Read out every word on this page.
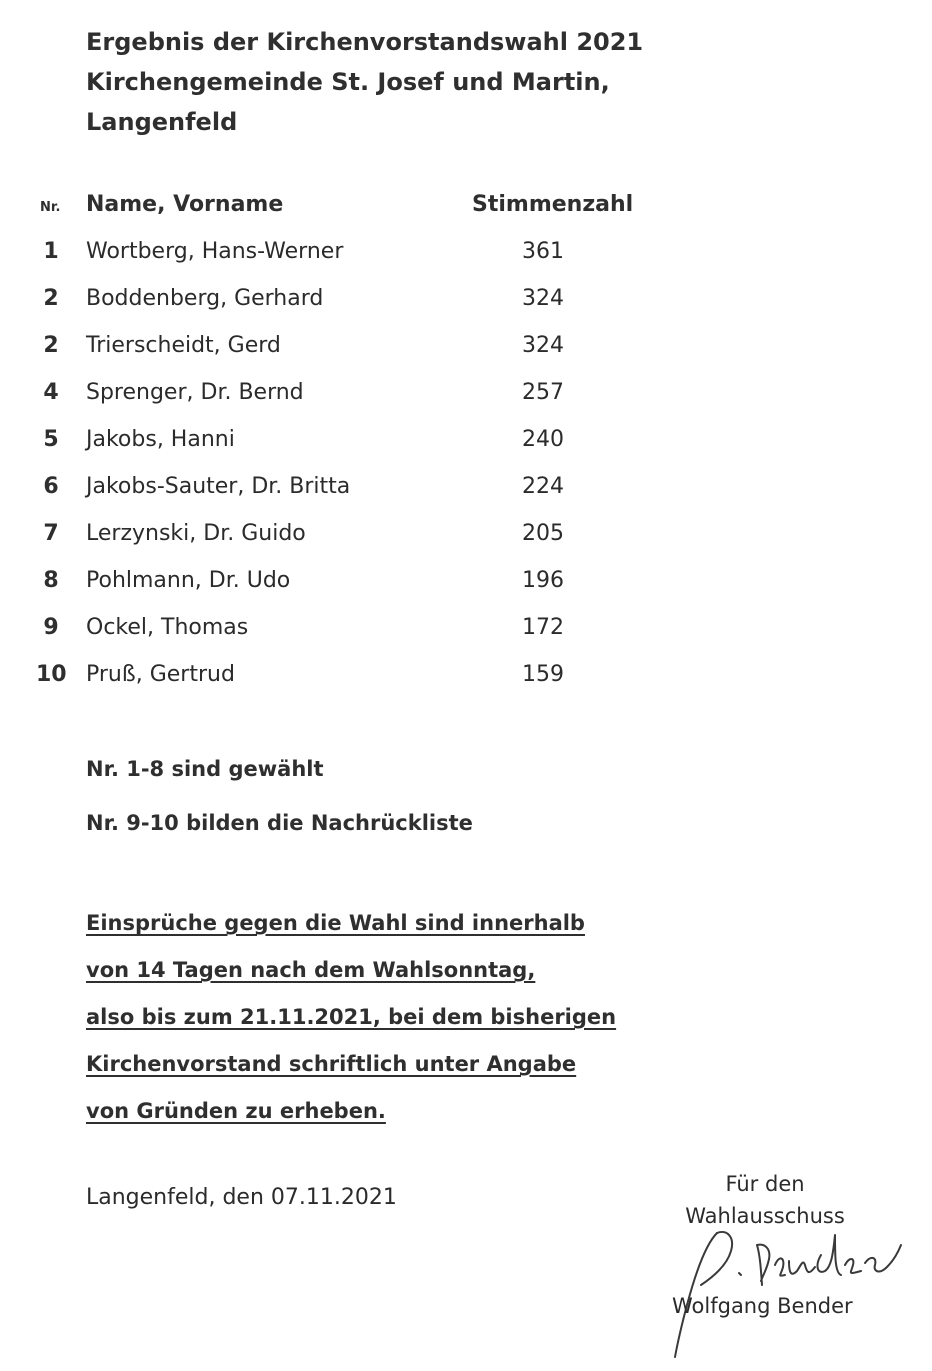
Ergebnis der Kirchenvorstandswahl 2021
Kirchengemeinde St. Josef und Martin,
Langenfeld
Nr. Name, Vorname	Stimmenzahl
1	Wortberg, Hans-Werner	361
2	Boddenberg, Gerhard	324
2	Trierscheidt, Gerd	324
4	Sprenger, Dr. Bernd	257
5	Jakobs, Hanni	240
6	Jakobs-Sauter, Dr. Britta	224
7	Lerzynski, Dr. Guido	205
8	Pohlmann, Dr. Udo	196
9	Ockel, Thomas	172
10 Pruß, Gertrud	159
Nr. 1-8 sind gewählt
Nr. 9-10 bilden die Nachrückliste
Einsprüche gegen die Wahl sind innerhalb
von 14 Tagen nach dem Wahlsonntag,
also bis zum 21.11.2021, bei dem bisherigen
Kirchenvorstand schriftlich unter Angabe
von Gründen zu erheben.
Langenfeld, den 07.11.2021
Für den
Wahlausschuss
Wolfgang Bender
